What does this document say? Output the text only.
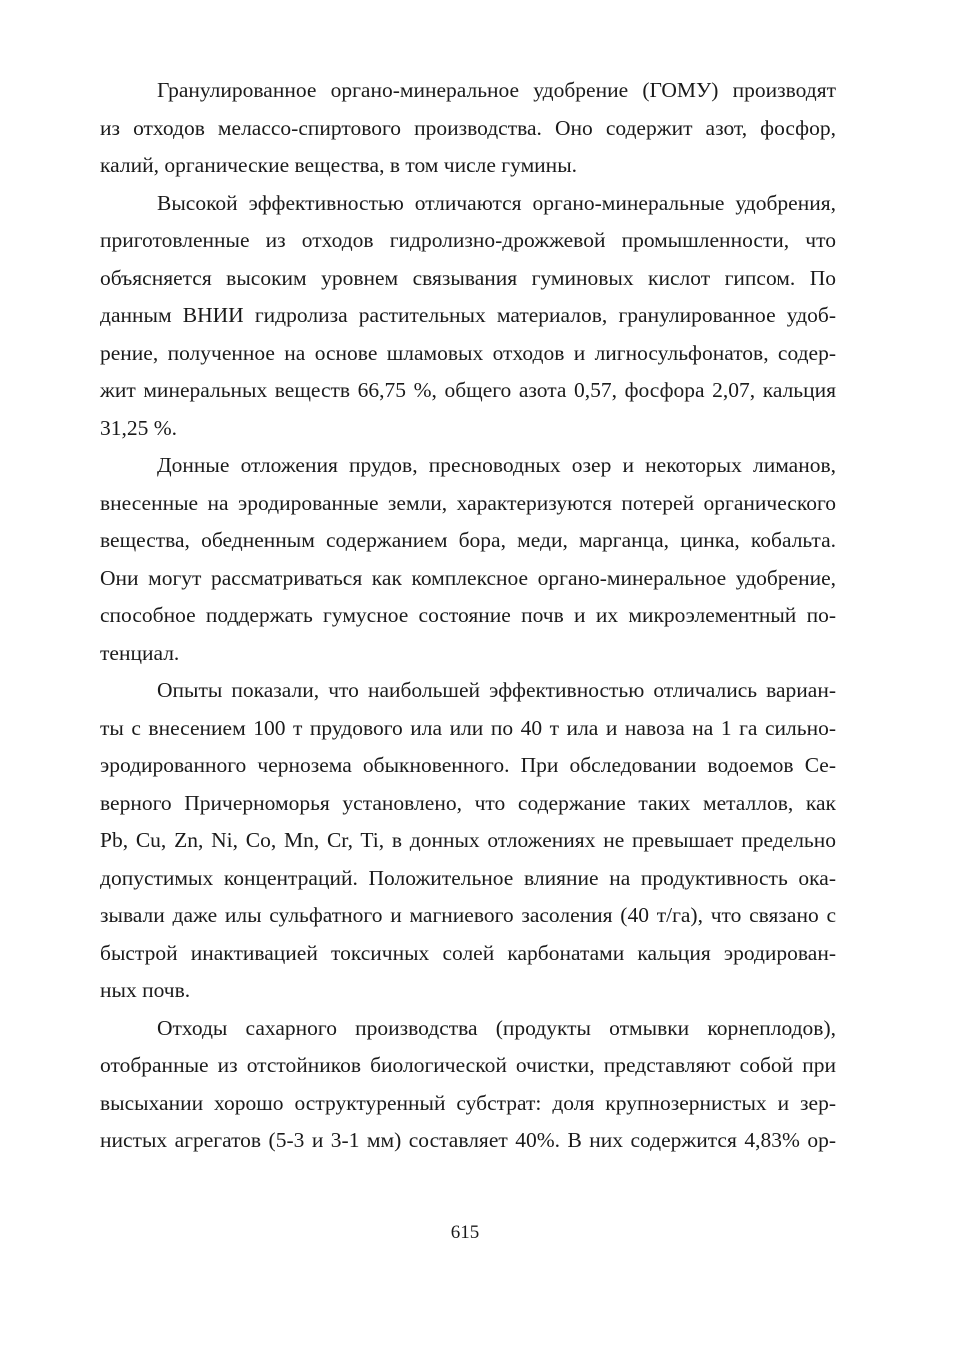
Гранулированное органо-минеральное удобрение (ГОМУ) производят
из отходов мелассо-спиртового производства. Оно содержит азот, фосфор,
калий, органические вещества, в том числе гумины.
Высокой эффективностью отличаются органо-минеральные удобрения,
приготовленные из отходов гидролизно-дрожжевой промышленности, что
объясняется высоким уровнем связывания гуминовых кислот гипсом. По
данным ВНИИ гидролиза растительных материалов, гранулированное удоб-
рение, полученное на основе шламовых отходов и лигносульфонатов, содер-
жит минеральных веществ 66,75 %, общего азота 0,57, фосфора 2,07, кальция
31,25 %.
Донные отложения прудов, пресноводных озер и некоторых лиманов,
внесенные на эродированные земли, характеризуются потерей органического
вещества, обедненным содержанием бора, меди, марганца, цинка, кобальта.
Они могут рассматриваться как комплексное органо-минеральное удобрение,
способное поддержать гумусное состояние почв и их микроэлементный по-
тенциал.
Опыты показали, что наибольшей эффективностью отличались вариан-
ты с внесением 100 т прудового ила или по 40 т ила и навоза на 1 га сильно-
эродированного чернозема обыкновенного. При обследовании водоемов Се-
верного Причерноморья установлено, что содержание таких металлов, как
Pb, Cu, Zn, Ni, Co, Mn, Cr, Ti, в донных отложениях не превышает предельно
допустимых концентраций. Положительное влияние на продуктивность ока-
зывали даже илы сульфатного и магниевого засоления (40 т/га), что связано с
быстрой инактивацией токсичных солей карбонатами кальция эродирован-
ных почв.
Отходы сахарного производства (продукты отмывки корнеплодов),
отобранные из отстойников биологической очистки, представляют собой при
высыхании хорошо оструктуренный субстрат: доля крупнозернистых и зер-
нистых агрегатов (5-3 и 3-1 мм) составляет 40%. В них содержится 4,83% ор-
615
